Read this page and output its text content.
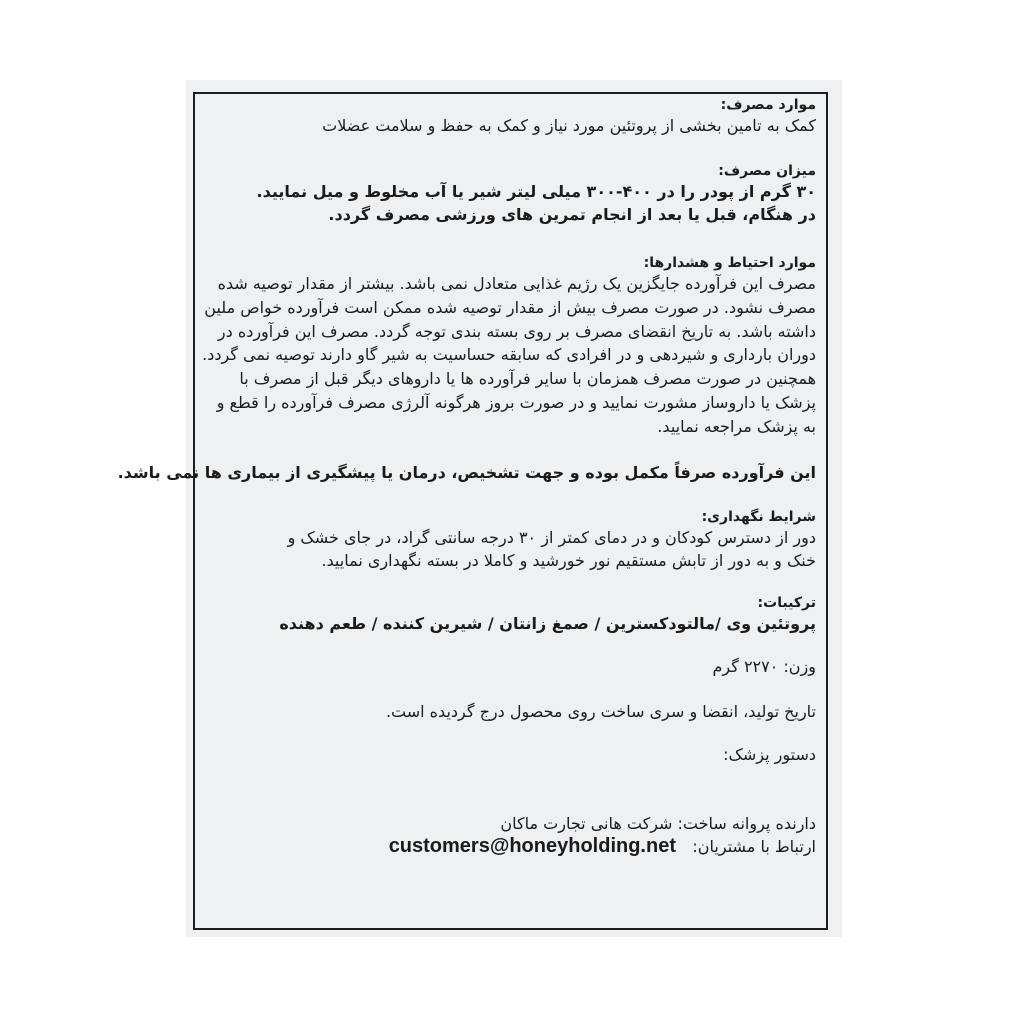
موارد مصرف:
کمک به تامین بخشی از پروتئین مورد نیاز و کمک به حفظ و سلامت عضلات
میزان مصرف:
۳۰ گرم از پودر را در ۴۰۰-۳۰۰ میلی لیتر شیر یا آب مخلوط و میل نمایید.
در هنگام، قبل یا بعد از انجام تمرین های ورزشی مصرف گردد.
موارد احتیاط و هشدارها:
مصرف این فرآورده جایگزین یک رژیم غذایی متعادل نمی باشد. بیشتر از مقدار توصیه شده مصرف نشود. در صورت مصرف بیش از مقدار توصیه شده ممکن است فرآورده خواص ملین داشته باشد. به تاریخ انقضای مصرف بر روی بسته بندی توجه گردد. مصرف این فرآورده در دوران بارداری و شیردهی و در افرادی که سابقه حساسیت به شیر گاو دارند توصیه نمی گردد. همچنین در صورت مصرف همزمان با سایر فرآورده ها یا داروهای دیگر قبل از مصرف با پزشک یا داروساز مشورت نمایید و در صورت بروز هرگونه آلرژی مصرف فرآورده را قطع و به پزشک مراجعه نمایید.
این فرآورده صرفاً مکمل بوده و جهت تشخیص، درمان یا پیشگیری از بیماری ها نمی باشد.
شرایط نگهداری:
دور از دسترس کودکان و در دمای کمتر از ۳۰ درجه سانتی گراد، در جای خشک و
خنک و به دور از تابش مستقیم نور خورشید و کاملا در بسته نگهداری نمایید.
ترکیبات:
پروتئین وی /مالتودکسترین / صمغ زانتان / شیرین کننده / طعم دهنده
وزن: ۲۲۷۰ گرم
تاریخ تولید، انقضا و سری ساخت روی محصول درج گردیده است.
دستور پزشک:
دارنده پروانه ساخت: شرکت هانی تجارت ماکان
ارتباط با مشتریان:
customers@honeyholding.net
